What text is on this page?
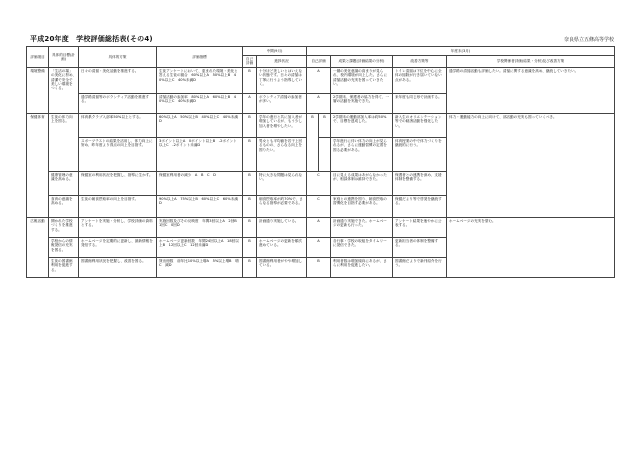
平成20年度　学校評価総括表(その4)	奈良県立五條高等学校
評価項目	具体的目標(計画)	具体的方策	評価指標	中間(9月)		年度末(3月)				
				自己評価	進捗状況	自己評価		成果と課題(評価結果の分析)	改善方策等	学校関係者評価(結果・分析)及び改善方策
環境整備	「生活の場」の美化に努め、清潔で安全で美しい環境をつくる。	日々の清掃・美化活動を推進する。	生徒アンケートにおいて、恵まれた環境・美化と答える生徒の割合　60%以上A　50%以上B　40%以上C　40%未満D	B	十分ほど美しいとはいえない状態です。日々の清掃は丁寧に行うよう指導していく。	A		一層の美化意識の高まりが見られ、校内環境が向上した。さらに清掃活動の充実を図っていきたい。	トイレ清掃は下位を中心に全体の掃除が行き届いていない点がある。	通学路の清掃活動も評価したい。清掃に関する意識を高め、継続していきたい。
		通学路清掃等のボランティア活動を推進する。	清掃活動の参加率　80%以上A　60%以上B　40%以上C　40%未満D	A	ボランティア清掃の参加者が多い。	A		2学期末、保護者の協力を得て、一層の活動を実施できた。	来年度も同じ形で計画する。	
保健体育	生徒の体力向上を図る。	体育系クラブ入部率50%以上とする。	60%以上A　50%以上B　40%以上C　40%未満D	B	学年の進行と共に加入者が増加しているが、もう少し加入者を増やしたい。	B	B	2学期末の運動部加入率は約50%で、目標を達成した。	新入生のオリエンテーション等での勧誘活動を強化したい。	体力・運動能力の向上に向けて、部活動の充実も図っていくべき。
		スポーツテストの結果を活用し、体力向上に努め、昨年度より得点の向上を目指す。	3ポイント以上A　0ポイント以上B　-2ポイント以上C　-2ポイント未満D	B	男女とも平均値を若干上回るものの、さらなる向上を図りたい。			学年進行に伴い体力の向上が見られるが、さらに運動習慣の定着を図る必要がある。	体育授業の中で体力づくりを継続的に行う。	
	健康管理の意識を高める。	保健室の利用状況を把握し、指導に生かす。	保健室利用者の減少　A　B　C　D	B	特に大きな問題は見られない。	C		目に見える成果はあがらなかったが、相談体制は維持できた。	保護者との連携を深め、支援体制を整備する。	
	食育の意識を高める。	生徒の朝食摂取率の向上を目指す。	90%以上A　75%以上B　60%以上C　60%未満D	B	朝食摂取率が約70%で、さらなる指導が必要である。	C		家庭との連携を図り、朝食摂取の習慣化を目指す必要がある。	保健だより等で啓発を継続する。	
広報活動	開かれた学校づくりを推進する。	アンケートを実施・分析し、学校評価の資料とする。	実施回数及びその反映度　年間3回以上A　2回B　1回C　0回D	B	計画通り実施している。	A		計画通り実施できた。ホームページの更新も行った。	アンケート結果を速やかに公表する。	ホームページの充実を望む。
	学校からの情報発信の充実を図る。	ホームページを定期的に更新し、最新情報を発信する。	ホームページ更新回数　年間24回以上A　18回以上B　12回以上C　12回未満D	B	ホームページの更新を順次進めている。	A		各行事・学校の取組をタイムリーに発信できた。	更新担当者の体制を整備する。	
	生徒の図書館利用を促進する。	図書館利用状況を把握し、改善を図る。	貸出冊数　前年比10%以上増A　5%以上増B　増C　減D	B	図書館利用者がやや増加している。	B		利用者数は増加傾向にあるが、さらに利用を促進したい。	図書館だよりで新刊紹介を行う。	
